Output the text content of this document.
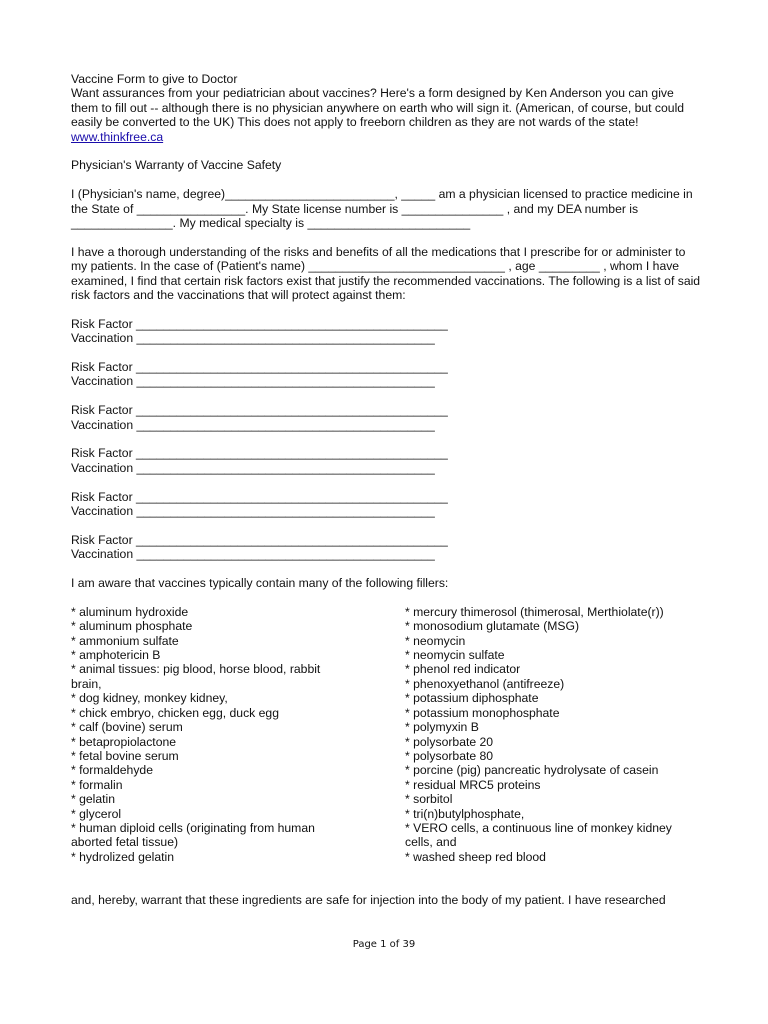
Vaccine Form to give to Doctor

Want assurances from your pediatrician about vaccines? Here's a form designed by Ken Anderson you can give them to fill out -- although there is no physician anywhere on earth who will sign it. (American, of course, but could easily be converted to the UK) This does not apply to freeborn children as they are not wards of the state!

www.thinkfree.ca

Physician's Warranty of Vaccine Safety

I (Physician's name, degree)_________________________, _____ am a physician licensed to practice medicine in the State of ________________. My State license number is _______________ , and my DEA number is _______________. My medical specialty is ________________________

I have a thorough understanding of the risks and benefits of all the medications that I prescribe for or administer to my patients. In the case of (Patient's name) _____________________________ , age _________ , whom I have examined, I find that certain risk factors exist that justify the recommended vaccinations. The following is a list of said risk factors and the vaccinations that will protect against them:

Risk Factor ______________________________________________

Vaccination ____________________________________________

Risk Factor ______________________________________________

Vaccination ____________________________________________

Risk Factor ______________________________________________

Vaccination ____________________________________________

Risk Factor ______________________________________________

Vaccination ____________________________________________

Risk Factor ______________________________________________

Vaccination ____________________________________________

Risk Factor ______________________________________________

Vaccination ____________________________________________

I am aware that vaccines typically contain many of the following fillers:

* aluminum hydroxide

* aluminum phosphate

* ammonium sulfate

* amphotericin B

* animal tissues: pig blood, horse blood, rabbit brain,

* dog kidney, monkey kidney,

* chick embryo, chicken egg, duck egg

* calf (bovine) serum

* betapropiolactone

* fetal bovine serum

* formaldehyde

* formalin

* gelatin

* glycerol

* human diploid cells (originating from human aborted fetal tissue)

* hydrolized gelatin

* mercury thimerosol (thimerosal, Merthiolate(r))

* monosodium glutamate (MSG)

* neomycin

* neomycin sulfate

* phenol red indicator

* phenoxyethanol (antifreeze)

* potassium diphosphate

* potassium monophosphate

* polymyxin B

* polysorbate 20

* polysorbate 80

* porcine (pig) pancreatic hydrolysate of casein

* residual MRC5 proteins

* sorbitol

* tri(n)butylphosphate,

* VERO cells, a continuous line of monkey kidney cells, and

* washed sheep red blood

and, hereby, warrant that these ingredients are safe for injection into the body of my patient. I have researched

Page 1 of 39
